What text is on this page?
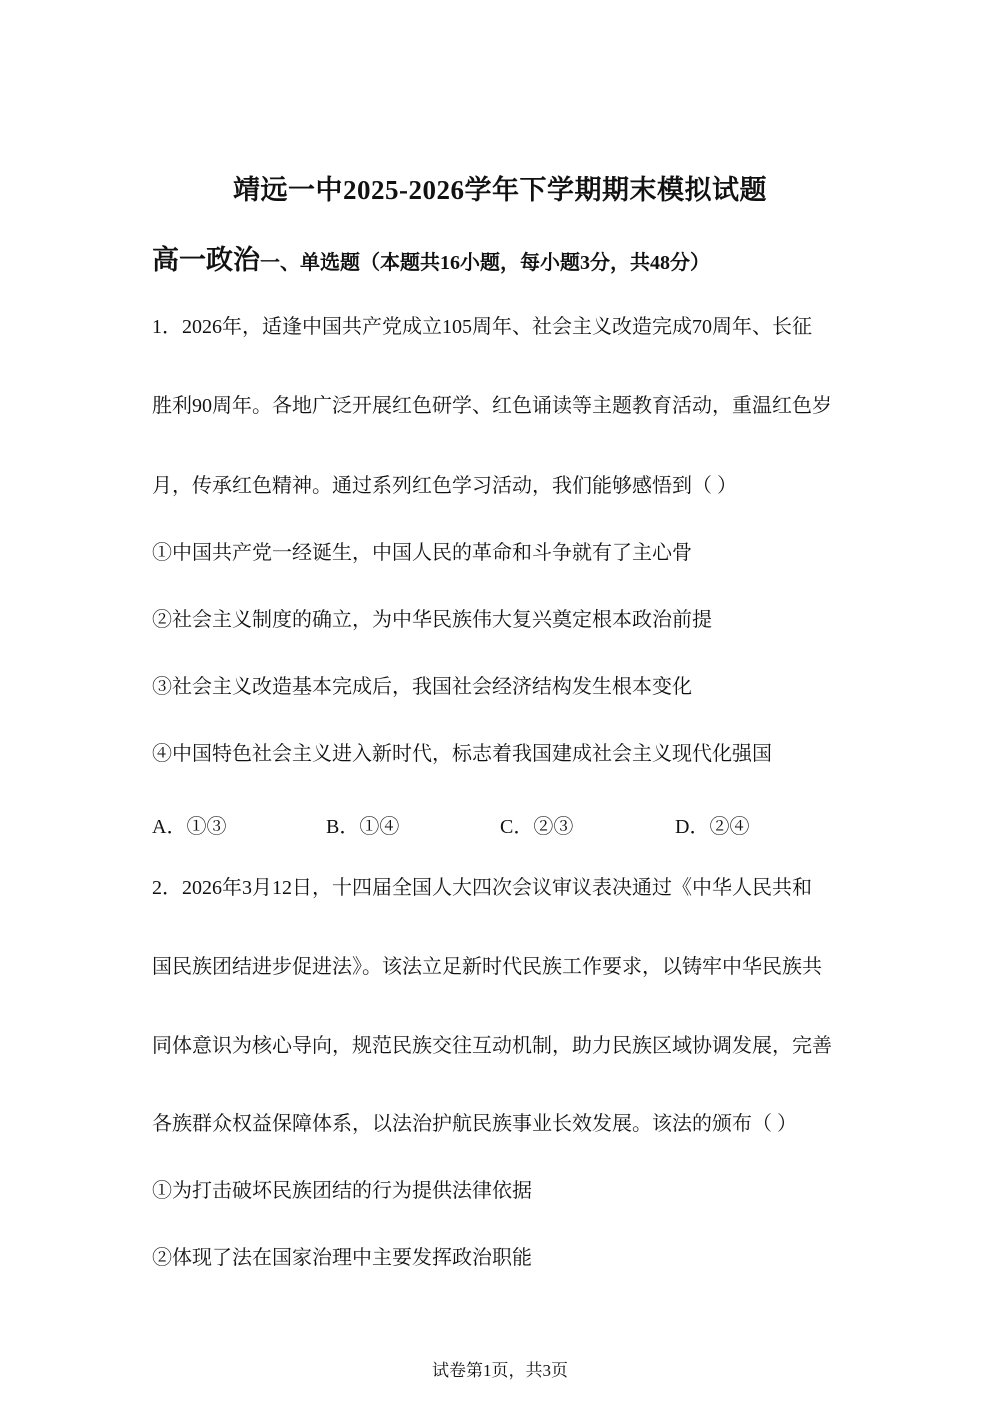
靖远一中2025-2026学年下学期期末模拟试题
高一政治一、单选题（本题共16小题，每小题3分，共48分）
1．2026年，适逢中国共产党成立105周年、社会主义改造完成70周年、长征
胜利90周年。各地广泛开展红色研学、红色诵读等主题教育活动，重温红色岁
月，传承红色精神。通过系列红色学习活动，我们能够感悟到（ ）
①中国共产党一经诞生，中国人民的革命和斗争就有了主心骨
②社会主义制度的确立，为中华民族伟大复兴奠定根本政治前提
③社会主义改造基本完成后，我国社会经济结构发生根本变化
④中国特色社会主义进入新时代，标志着我国建成社会主义现代化强国
A．①③	B．①④	C．②③	D．②④
2．2026年3月12日，十四届全国人大四次会议审议表决通过《中华人民共和
国民族团结进步促进法》。该法立足新时代民族工作要求，以铸牢中华民族共
同体意识为核心导向，规范民族交往互动机制，助力民族区域协调发展，完善
各族群众权益保障体系，以法治护航民族事业长效发展。该法的颁布（ ）
①为打击破坏民族团结的行为提供法律依据
②体现了法在国家治理中主要发挥政治职能
试卷第1页，共3页
